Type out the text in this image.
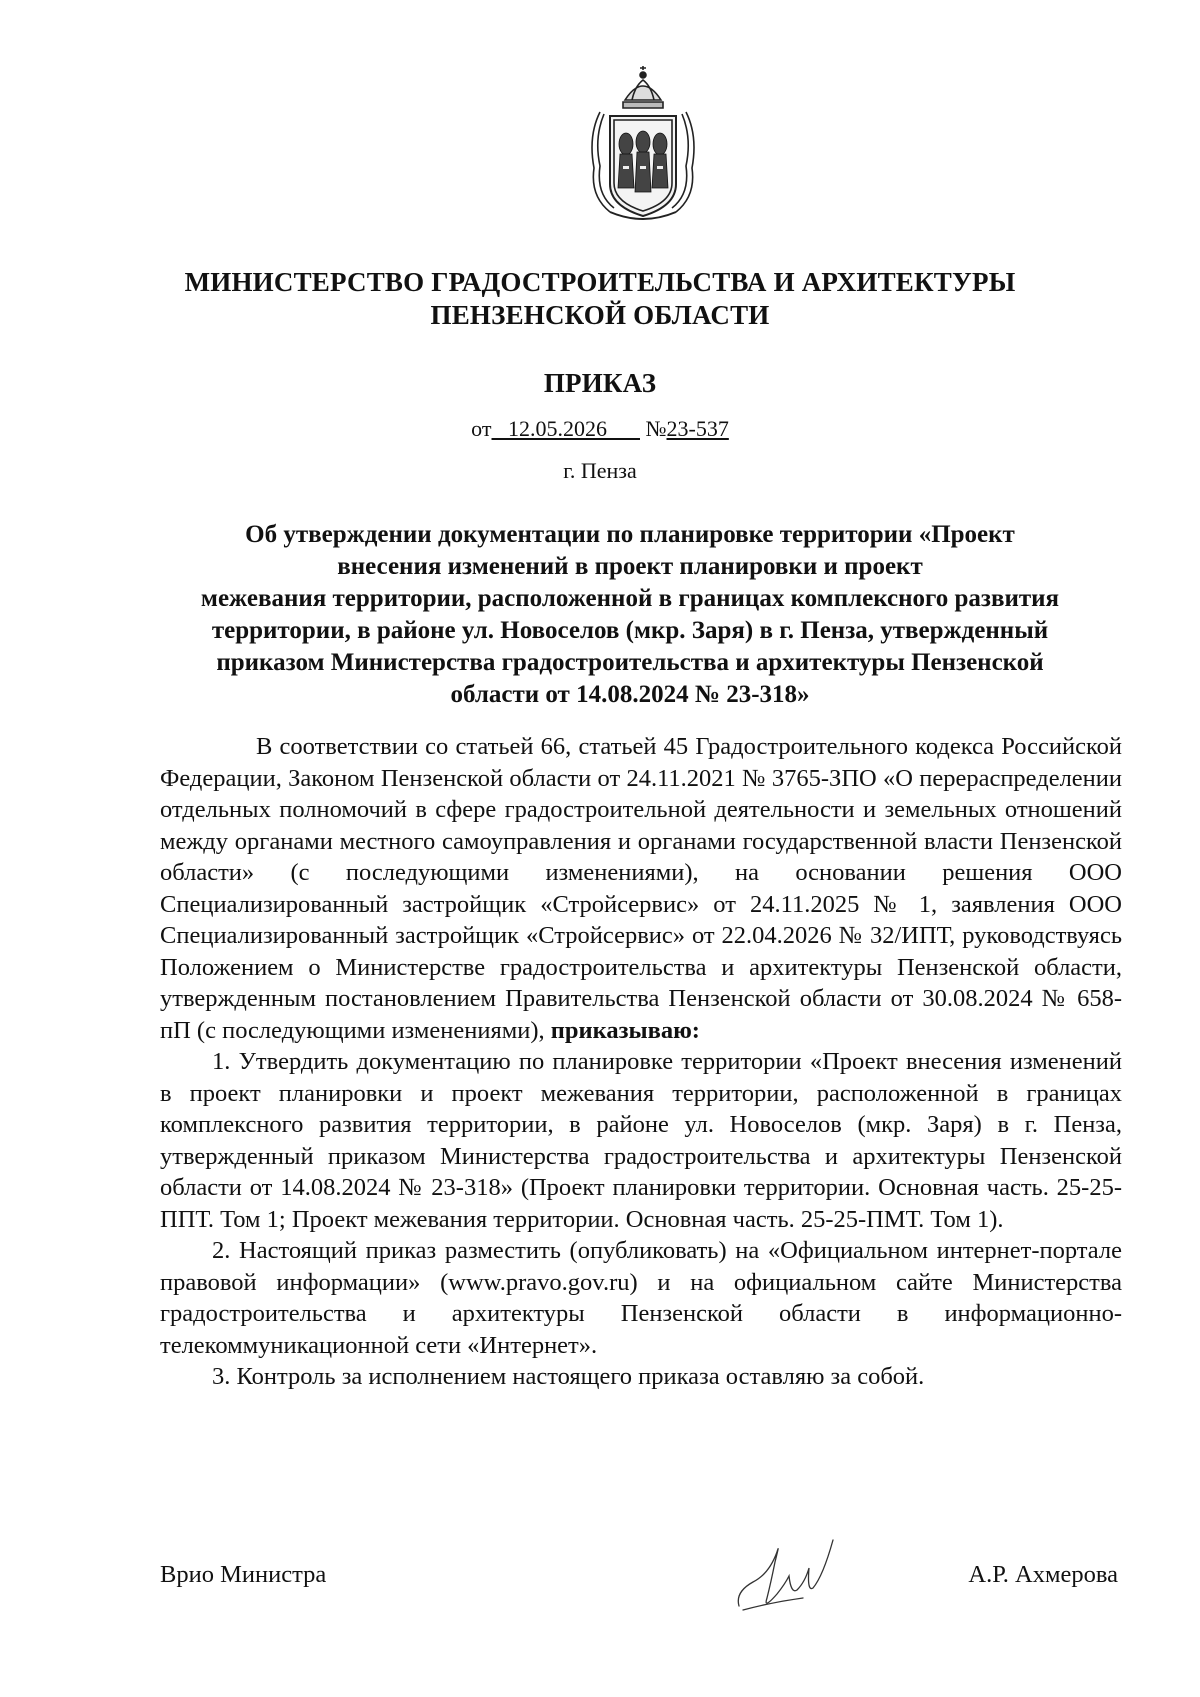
МИНИСТЕРСТВО ГРАДОСТРОИТЕЛЬСТВА И АРХИТЕКТУРЫ
ПЕНЗЕНСКОЙ ОБЛАСТИ
ПРИКАЗ
от 12.05.2026 №23-537
г. Пенза
Об утверждении документации по планировке территории «Проект
внесения изменений в проект планировки и проект
межевания территории, расположенной в границах комплексного развития
территории, в районе ул. Новоселов (мкр. Заря) в г. Пенза, утвержденный
приказом Министерства градостроительства и архитектуры Пензенской
области от 14.08.2024 № 23-318»

В соответствии со статьей 66, статьей 45 Градостроительного кодекса Российской Федерации, Законом Пензенской области от 24.11.2021 № 3765-ЗПО «О перераспределении отдельных полномочий в сфере градостроительной деятельности и земельных отношений между органами местного самоуправления и органами государственной власти Пензенской области» (с последующими изменениями), на основании решения ООО Специализированный застройщик «Стройсервис» от 24.11.2025 № 1, заявления ООО Специализированный застройщик «Стройсервис» от 22.04.2026 № 32/ИПТ, руководствуясь Положением о Министерстве градостроительства и архитектуры Пензенской области, утвержденным постановлением Правительства Пензенской области от 30.08.2024 № 658-пП (с последующими изменениями), приказываю:

1. Утвердить документацию по планировке территории «Проект внесения изменений в проект планировки и проект межевания территории, расположенной в границах комплексного развития территории, в районе ул. Новоселов (мкр. Заря) в г. Пенза, утвержденный приказом Министерства градостроительства и архитектуры Пензенской области от 14.08.2024 № 23-318» (Проект планировки территории. Основная часть. 25-25-ППТ. Том 1; Проект межевания территории. Основная часть. 25-25-ПМТ. Том 1).

2. Настоящий приказ разместить (опубликовать) на «Официальном интернет-портале правовой информации» (www.pravo.gov.ru) и на официальном сайте Министерства градостроительства и архитектуры Пензенской области в информационно-телекоммуникационной сети «Интернет».

3. Контроль за исполнением настоящего приказа оставляю за собой.

Врио Министра	А.Р. Ахмерова
